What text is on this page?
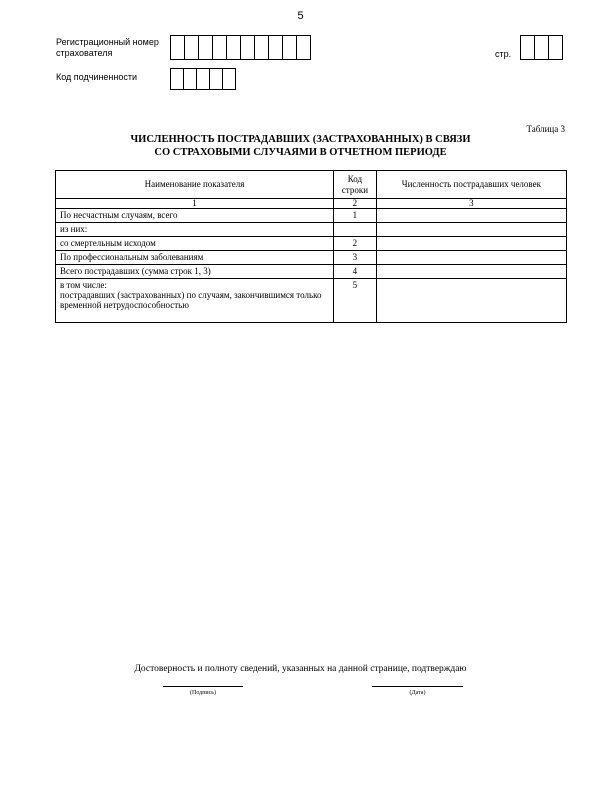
5
Регистрационный номер страхователя	стр.
Код подчиненности
Таблица 3
ЧИСЛЕННОСТЬ ПОСТРАДАВШИХ (ЗАСТРАХОВАННЫХ) В СВЯЗИ
СО СТРАХОВЫМИ СЛУЧАЯМИ В ОТЧЕТНОМ ПЕРИОДЕ
Наименование показателя	Код строки	Численность пострадавших человек
1	2	3
По несчастным случаям, всего	1	
из них:		
со смертельным исходом	2	
По профессиональным заболеваниям	3	
Всего пострадавших (сумма строк 1, 3)	4	
в том числе:
пострадавших (застрахованных) по случаям, закончившимся только временной нетрудоспособностью	5	
Достоверность и полноту сведений, указанных на данной странице, подтверждаю
(Подпись)	(Дата)
